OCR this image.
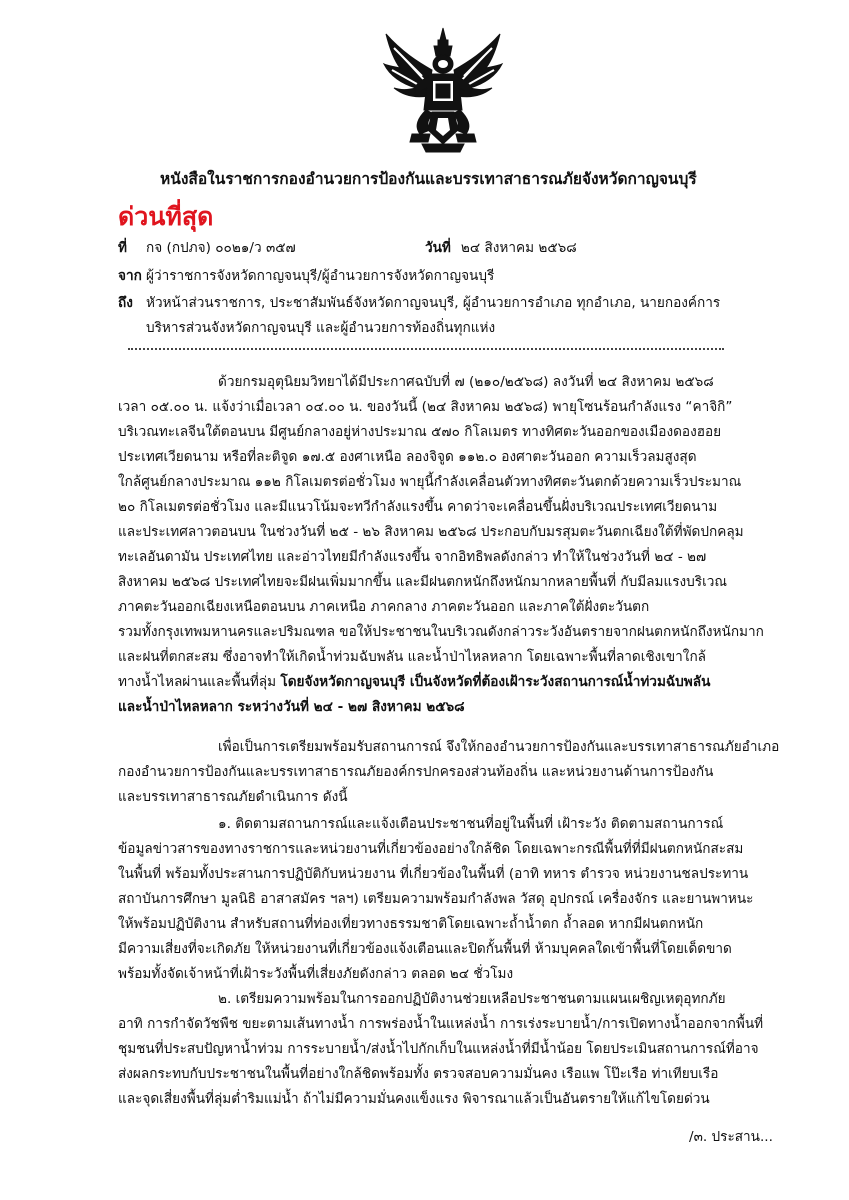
หนังสือในราชการกองอำนวยการป้องกันและบรรเทาสาธารณภัยจังหวัดกาญจนบุรี
ด่วนที่สุด
ที่ กจ (กปภจ) ๐๐๒๑/ว ๓๕๗	วันที่ ๒๔ สิงหาคม ๒๕๖๘
จาก ผู้ว่าราชการจังหวัดกาญจนบุรี/ผู้อำนวยการจังหวัดกาญจนบุรี
ถึง หัวหน้าส่วนราชการ, ประชาสัมพันธ์จังหวัดกาญจนบุรี, ผู้อำนวยการอำเภอ ทุกอำเภอ, นายกองค์การ
บริหารส่วนจังหวัดกาญจนบุรี และผู้อำนวยการท้องถิ่นทุกแห่ง
ด้วยกรมอุตุนิยมวิทยาได้มีประกาศฉบับที่ ๗ (๒๑๐/๒๕๖๘) ลงวันที่ ๒๔ สิงหาคม ๒๕๖๘
เวลา ๐๕.๐๐ น. แจ้งว่าเมื่อเวลา ๐๔.๐๐ น. ของวันนี้ (๒๔ สิงหาคม ๒๕๖๘) พายุโซนร้อนกำลังแรง “คาจิกิ”
บริเวณทะเลจีนใต้ตอนบน มีศูนย์กลางอยู่ห่างประมาณ ๕๗๐ กิโลเมตร ทางทิศตะวันออกของเมืองดองฮอย
ประเทศเวียดนาม หรือที่ละติจูด ๑๗.๕ องศาเหนือ ลองจิจูด ๑๑๒.๐ องศาตะวันออก ความเร็วลมสูงสุด
ใกล้ศูนย์กลางประมาณ ๑๑๒ กิโลเมตรต่อชั่วโมง พายุนี้กำลังเคลื่อนตัวทางทิศตะวันตกด้วยความเร็วประมาณ
๒๐ กิโลเมตรต่อชั่วโมง และมีแนวโน้มจะทวีกำลังแรงขึ้น คาดว่าจะเคลื่อนขึ้นฝั่งบริเวณประเทศเวียดนาม
และประเทศลาวตอนบน ในช่วงวันที่ ๒๕ - ๒๖ สิงหาคม ๒๕๖๘ ประกอบกับมรสุมตะวันตกเฉียงใต้ที่พัดปกคลุม
ทะเลอันดามัน ประเทศไทย และอ่าวไทยมีกำลังแรงขึ้น จากอิทธิพลดังกล่าว ทำให้ในช่วงวันที่ ๒๔ - ๒๗
สิงหาคม ๒๕๖๘ ประเทศไทยจะมีฝนเพิ่มมากขึ้น และมีฝนตกหนักถึงหนักมากหลายพื้นที่ กับมีลมแรงบริเวณ
ภาคตะวันออกเฉียงเหนือตอนบน ภาคเหนือ ภาคกลาง ภาคตะวันออก และภาคใต้ฝั่งตะวันตก
รวมทั้งกรุงเทพมหานครและปริมณฑล ขอให้ประชาชนในบริเวณดังกล่าวระวังอันตรายจากฝนตกหนักถึงหนักมาก
และฝนที่ตกสะสม ซึ่งอาจทำให้เกิดน้ำท่วมฉับพลัน และน้ำป่าไหลหลาก โดยเฉพาะพื้นที่ลาดเชิงเขาใกล้
ทางน้ำไหลผ่านและพื้นที่ลุ่ม โดยจังหวัดกาญจนบุรี เป็นจังหวัดที่ต้องเฝ้าระวังสถานการณ์น้ำท่วมฉับพลัน
และน้ำป่าไหลหลาก ระหว่างวันที่ ๒๔ - ๒๗ สิงหาคม ๒๕๖๘
เพื่อเป็นการเตรียมพร้อมรับสถานการณ์ จึงให้กองอำนวยการป้องกันและบรรเทาสาธารณภัยอำเภอ
กองอำนวยการป้องกันและบรรเทาสาธารณภัยองค์กรปกครองส่วนท้องถิ่น และหน่วยงานด้านการป้องกัน
และบรรเทาสาธารณภัยดำเนินการ ดังนี้
๑. ติดตามสถานการณ์และแจ้งเตือนประชาชนที่อยู่ในพื้นที่ เฝ้าระวัง ติดตามสถานการณ์
ข้อมูลข่าวสารของทางราชการและหน่วยงานที่เกี่ยวข้องอย่างใกล้ชิด โดยเฉพาะกรณีพื้นที่ที่มีฝนตกหนักสะสม
ในพื้นที่ พร้อมทั้งประสานการปฏิบัติกับหน่วยงาน ที่เกี่ยวข้องในพื้นที่ (อาทิ ทหาร ตำรวจ หน่วยงานชลประทาน
สถาบันการศึกษา มูลนิธิ อาสาสมัคร ฯลฯ) เตรียมความพร้อมกำลังพล วัสดุ อุปกรณ์ เครื่องจักร และยานพาหนะ
ให้พร้อมปฏิบัติงาน สำหรับสถานที่ท่องเที่ยวทางธรรมชาติโดยเฉพาะถ้ำน้ำตก ถ้ำลอด หากมีฝนตกหนัก
มีความเสี่ยงที่จะเกิดภัย ให้หน่วยงานที่เกี่ยวข้องแจ้งเตือนและปิดกั้นพื้นที่ ห้ามบุคคลใดเข้าพื้นที่โดยเด็ดขาด
พร้อมทั้งจัดเจ้าหน้าที่เฝ้าระวังพื้นที่เสี่ยงภัยดังกล่าว ตลอด ๒๔ ชั่วโมง
๒. เตรียมความพร้อมในการออกปฏิบัติงานช่วยเหลือประชาชนตามแผนเผชิญเหตุอุทกภัย
อาทิ การกำจัดวัชพืช ขยะตามเส้นทางน้ำ การพร่องน้ำในแหล่งน้ำ การเร่งระบายน้ำ/การเปิดทางน้ำออกจากพื้นที่
ชุมชนที่ประสบปัญหาน้ำท่วม การระบายน้ำ/ส่งน้ำไปกักเก็บในแหล่งน้ำที่มีน้ำน้อย โดยประเมินสถานการณ์ที่อาจ
ส่งผลกระทบกับประชาชนในพื้นที่อย่างใกล้ชิดพร้อมทั้ง ตรวจสอบความมั่นคง เรือแพ โป๊ะเรือ ท่าเทียบเรือ
และจุดเสี่ยงพื้นที่ลุ่มต่ำริมแม่น้ำ ถ้าไม่มีความมั่นคงแข็งแรง พิจารณาแล้วเป็นอันตรายให้แก้ไขโดยด่วน
/๓. ประสาน...
